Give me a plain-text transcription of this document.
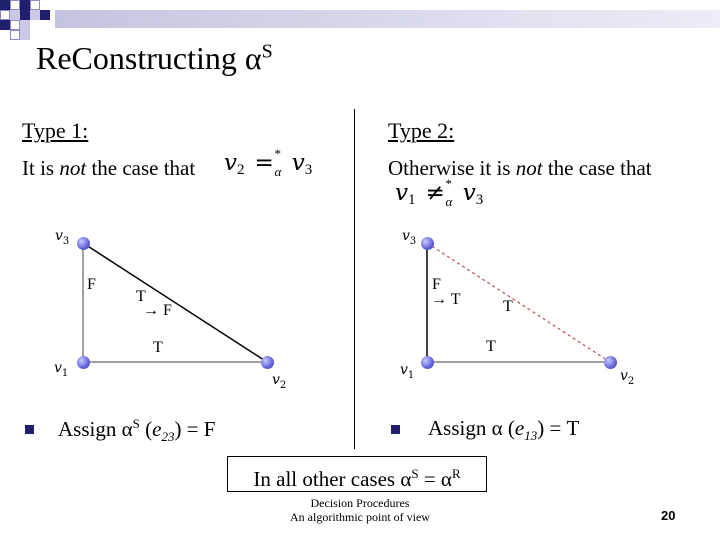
ReConstructing $\alpha^S$
Type 1:
It is not the case that $v_2$ = *
α $v_3$
$v_3$
$v_1$	$v_2$
F
T
→ F
T
Assign $\alpha^S$ $(e_{23}) = F$
Type 2:
Otherwise it is not the case that
$v_1$ ≠ *
α $v_3$
$v_3$
$v_1$	$v_2$
F
→ T	T
T
Assign α $(e_{13}) = T$
In all other cases $\alpha^S = \alpha^R$
Decision Procedures
An algorithmic point of view	20
